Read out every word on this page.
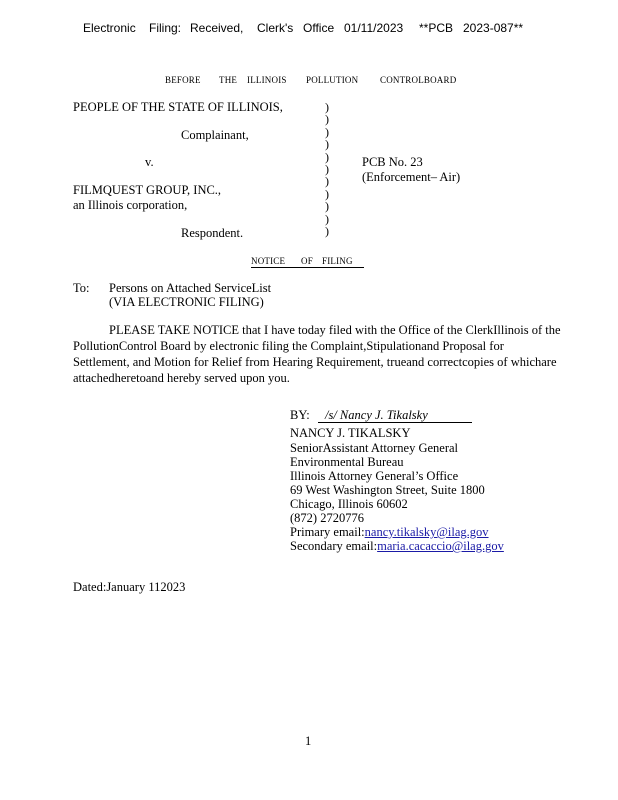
Electronic Filing: Received, Clerk's Office 01/11/2023 **PCB 2023-087**
BEFORE THE ILLINOIS POLLUTION CONTROLBOARD
PEOPLE OF THE STATE OF ILLINOIS,
Complainant,
v.
FILMQUEST GROUP, INC.,
an Illinois corporation,
Respondent.
)
)
)
)
)
)
)
)
)
)
)
PCB No. 23
(Enforcement– Air)
NOTICE OF FILING
To: Persons on Attached ServiceList
(VIA ELECTRONIC FILING)

PLEASE TAKE NOTICE that I have today filed with the Office of the ClerkIllinois of the PollutionControl Board by electronic filing the Complaint,Stipulationand Proposal for Settlement, and Motion for Relief from Hearing Requirement, trueand correctcopies of whichare attachedheretoand hereby served upon you.

BY: /s/ Nancy J. Tikalsky
NANCY J. TIKALSKY
SeniorAssistant Attorney General
Environmental Bureau
Illinois Attorney General’s Office
69 West Washington Street, Suite 1800
Chicago, Illinois 60602
(872) 2720776
Primary email:nancy.tikalsky@ilag.gov
Secondary email:maria.cacaccio@ilag.gov
Dated:January 112023
1
